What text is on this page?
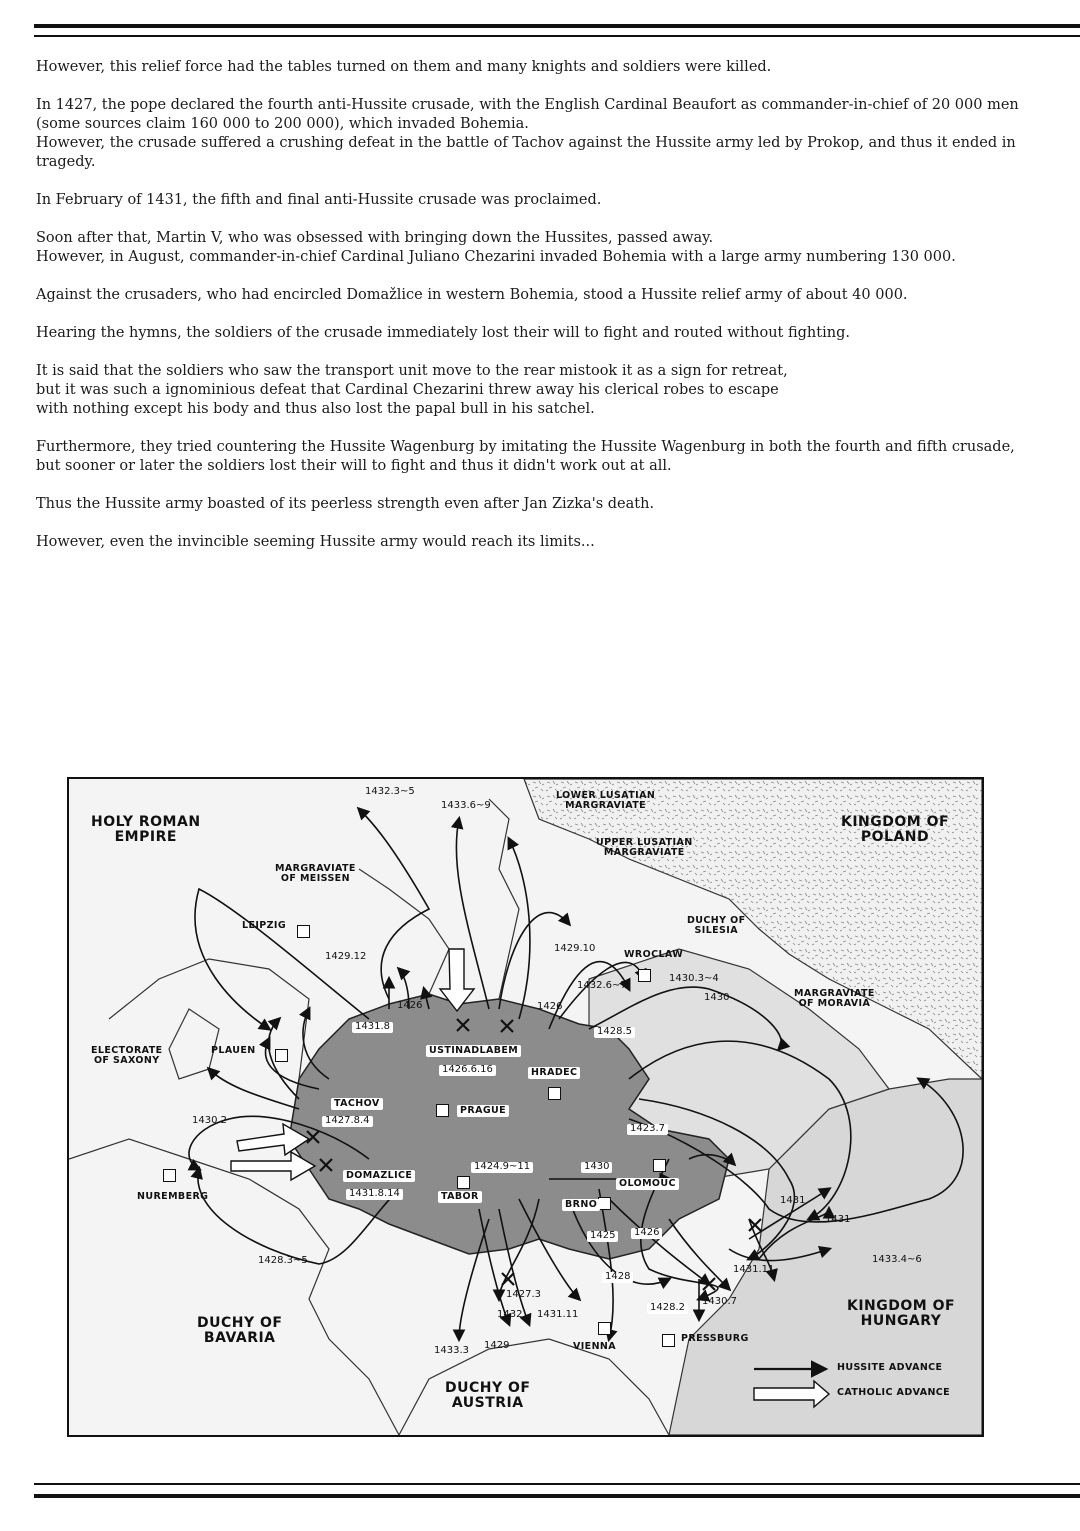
However, this relief force had the tables turned on them and many knights and soldiers were killed.

In 1427, the pope declared the fourth anti-Hussite crusade, with the English Cardinal Beaufort as commander-in-chief of 20 000 men (some sources claim 160 000 to 200 000), which invaded Bohemia.
However, the crusade suffered a crushing defeat in the battle of Tachov against the Hussite army led by Prokop, and thus it ended in tragedy.

In February of 1431, the fifth and final anti-Hussite crusade was proclaimed.

Soon after that, Martin V, who was obsessed with bringing down the Hussites, passed away.
However, in August, commander-in-chief Cardinal Juliano Chezarini invaded Bohemia with a large army numbering 130 000.

Against the crusaders, who had encircled Domažlice in western Bohemia, stood a Hussite relief army of about 40 000.

Hearing the hymns, the soldiers of the crusade immediately lost their will to fight and routed without fighting.

It is said that the soldiers who saw the transport unit move to the rear mistook it as a sign for retreat,
but it was such a ignominious defeat that Cardinal Chezarini threw away his clerical robes to escape
with nothing except his body and thus also lost the papal bull in his satchel.

Furthermore, they tried countering the Hussite Wagenburg by imitating the Hussite Wagenburg in both the fourth and fifth crusade, but sooner or later the soldiers lost their will to fight and thus it didn't work out at all.

Thus the Hussite army boasted of its peerless strength even after Jan Zizka's death.

However, even the invincible seeming Hussite army would reach its limits...

HOLY ROMAN
EMPIRE
KINGDOM OF
POLAND
KINGDOM OF
HUNGARY
DUCHY OF
BAVARIA
DUCHY OF
AUSTRIA
LOWER LUSATIAN
MARGRAVIATE
UPPER LUSATIAN
MARGRAVIATE
DUCHY OF
SILESIA
MARGRAVIATE
OF MORAVIA
MARGRAVIATE
OF MEISSEN
ELECTORATE
OF SAXONY
LEIPZIG
PLAUEN
NUREMBERG
WROCLAW
PRAGUE
HRADEC
TABOR
OLOMOUC
BRNO
VIENNA
PRESSBURG
USTINADLABEM
1426.6.16
TACHOV
1427.8.4
DOMAZLICE
1431.8.14
1432.3~5
1433.6~9
1429.12
1429.10
1430.3~4
1430
1432.6~7
1426	1426
1431.8	1428.5
1430.2
1423.7
1424.9~11	1430
1431
1431
1425	1426
1428
1428.3~5
1427.3
1432 1431.11
1431.11
1428.2
1430.7
1433.4~6
1433.3 1429
HUSSITE ADVANCE
CATHOLIC ADVANCE
